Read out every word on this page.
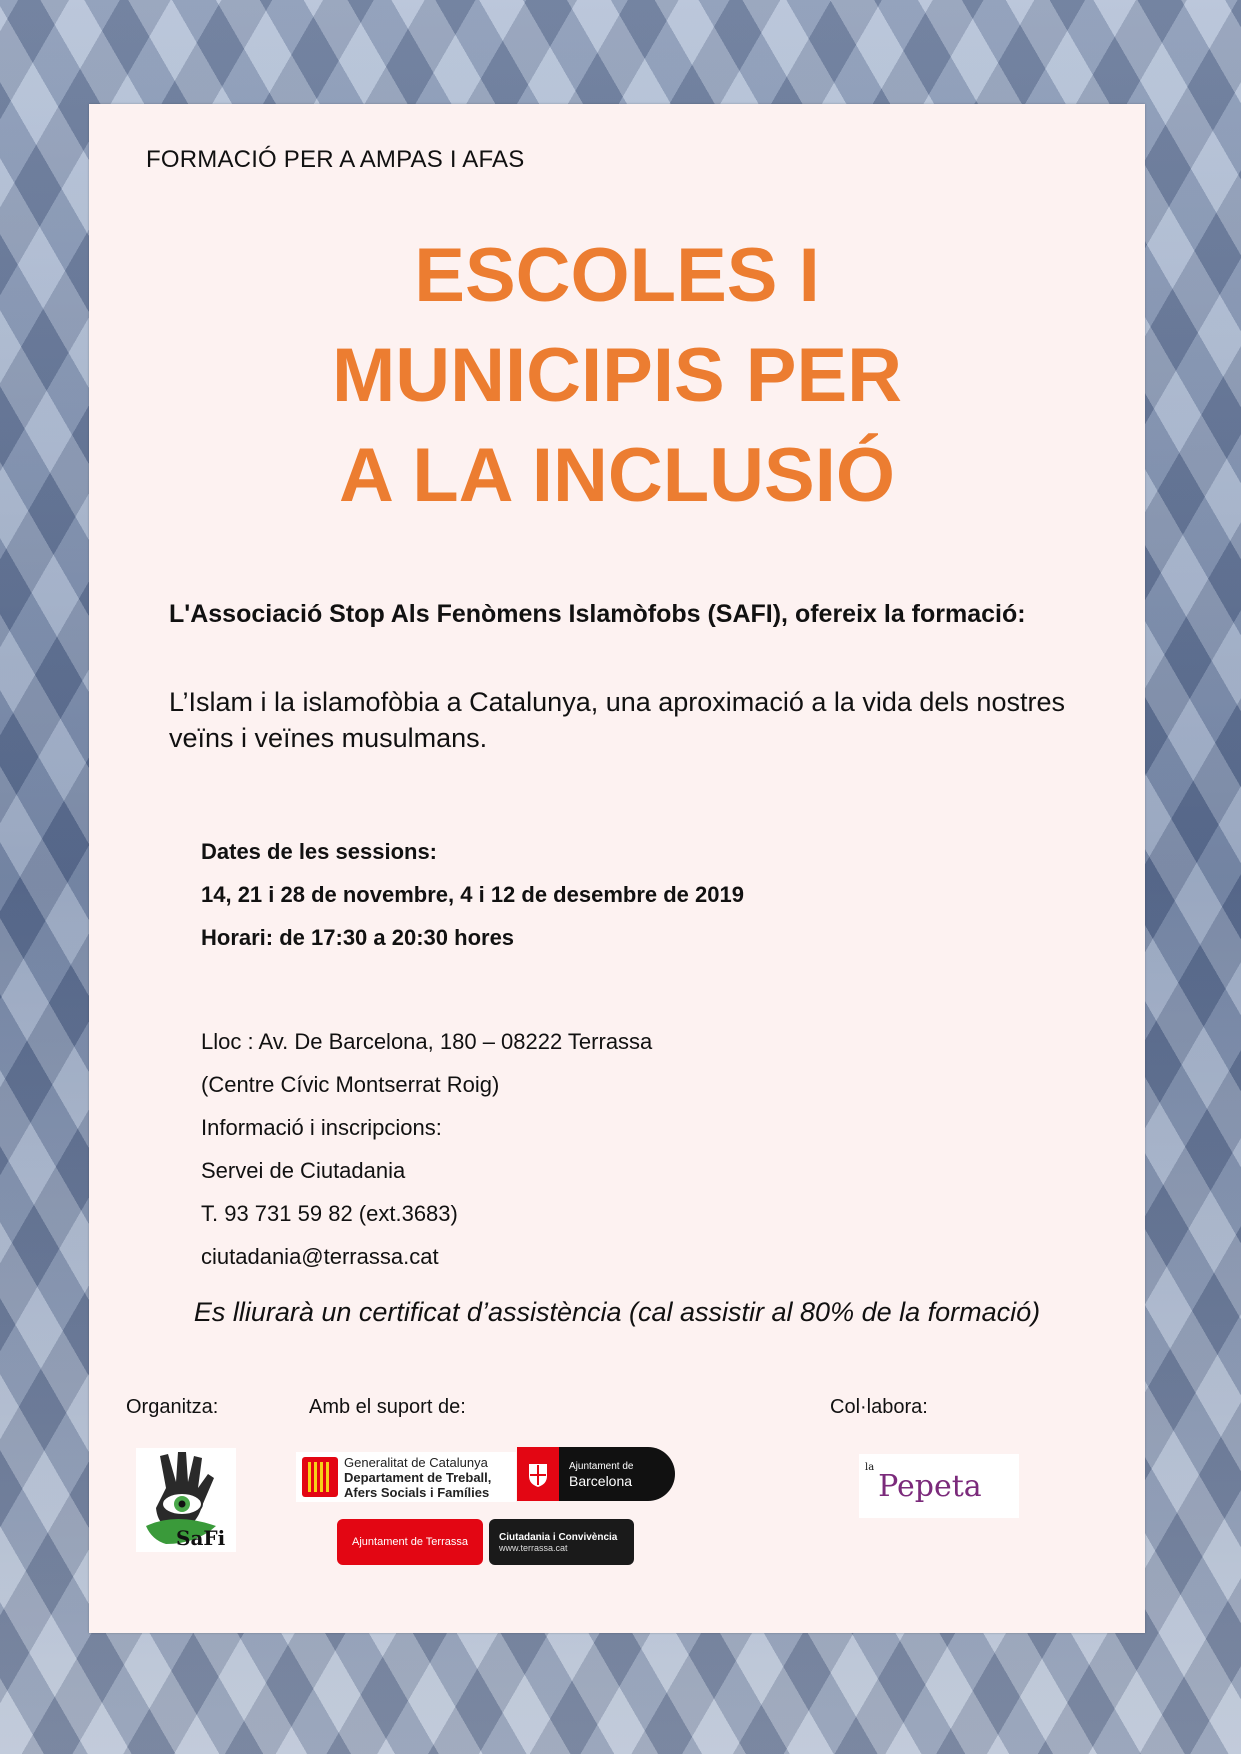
FORMACIÓ PER A AMPAS I AFAS

ESCOLES I
MUNICIPIS PER
A LA INCLUSIÓ

L'Associació Stop Als Fenòmens Islamòfobs (SAFI), ofereix la formació:

L’Islam i la islamofòbia a Catalunya, una aproximació a la vida dels nostres veïns i veïnes musulmans.

Dates de les sessions:
14, 21 i 28 de novembre, 4 i 12 de desembre de 2019
Horari: de 17:30 a 20:30 hores
Lloc : Av. De Barcelona, 180 – 08222 Terrassa
(Centre Cívic Montserrat Roig)
Informació i inscripcions:
Servei de Ciutadania
T. 93 731 59 82 (ext.3683)
ciutadania@terrassa.cat

Es lliurarà un certificat d’assistència (cal assistir al 80% de la formació)

Organitza:	Amb el suport de:	Col·labora:
SaFi
Generalitat de Catalunya
Departament de Treball,
Afers Socials i Famílies
Ajuntament de
Barcelona
Ajuntament de Terrassa	Ciutadania i Convivència
www.terrassa.cat
la
Pepeta
